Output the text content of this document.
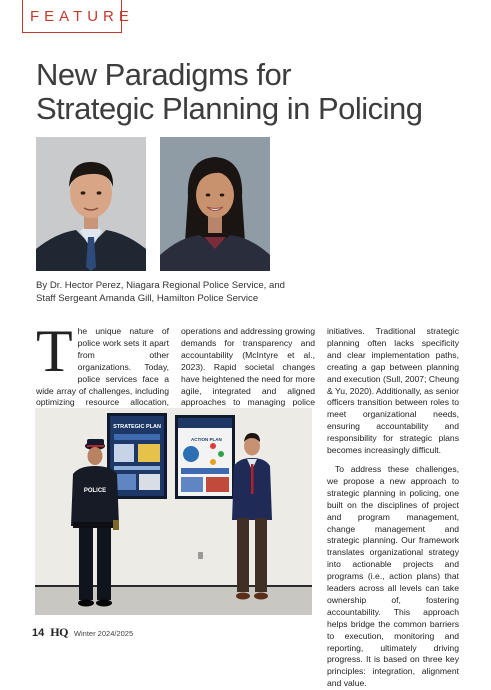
FEATURE
New Paradigms for
Strategic Planning in Policing
By Dr. Hector Perez, Niagara Regional Police Service, and
Staff Sergeant Amanda Gill, Hamilton Police Service
T he unique nature of police work sets it apart from other organizations. Today, police services face a wide array of challenges, including optimizing resource allocation,

operations and addressing growing demands for transparency and accountability (McIntyre et al., 2023). Rapid societal changes have heightened the need for more agile, integrated and aligned approaches to managing police

initiatives. Traditional strategic planning often lacks specificity and clear implementation paths, creating a gap between planning and execution (Sull, 2007; Cheung & Yu, 2020). Additionally, as senior officers transition between roles to meet organizational needs, ensuring accountability and responsibility for strategic plans becomes increasingly difficult.

To address these challenges, we propose a new approach to strategic planning in policing, one built on the disciplines of project and program management, change management and strategic planning. Our framework translates organizational strategy into actionable projects and programs (i.e., action plans) that leaders across all levels can take ownership of, fostering accountability. This approach helps bridge the common barriers to execution, monitoring and reporting, ultimately driving progress. It is based on three key principles: integration, alignment and value.

STRATEGIC PLAN
ACTION PLAN
POLICE
14 HQ Winter 2024/2025
